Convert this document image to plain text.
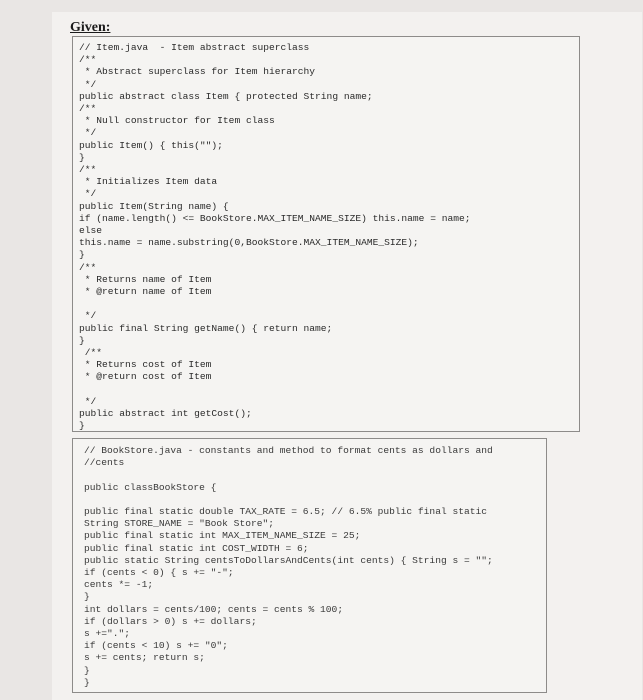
Given:
// Item.java  - Item abstract superclass
/**
* Abstract superclass for Item hierarchy
*/
public abstract class Item { protected String name;
/**
* Null constructor for Item class
*/
public Item() { this("");
}
/**
* Initializes Item data
*/
public Item(String name) {
if (name.length() <= BookStore.MAX_ITEM_NAME_SIZE) this.name = name;
else
this.name = name.substring(0,BookStore.MAX_ITEM_NAME_SIZE);
}
/**
* Returns name of Item
* @return name of Item

*/
public final String getName() { return name;
}
/**
* Returns cost of Item
* @return cost of Item

*/
public abstract int getCost();
}
// BookStore.java - constants and method to format cents as dollars and
//cents

public classBookStore {

public final static double TAX_RATE = 6.5; // 6.5% public final static
String STORE_NAME = "Book Store";
public final static int MAX_ITEM_NAME_SIZE = 25;
public final static int COST_WIDTH = 6;
public static String centsToDollarsAndCents(int cents) { String s = "";
if (cents < 0) { s += "-";
cents *= -1;
}
int dollars = cents/100; cents = cents % 100;
if (dollars > 0) s += dollars;
s +=".";
if (cents < 10) s += "0";
s += cents; return s;
}
}
